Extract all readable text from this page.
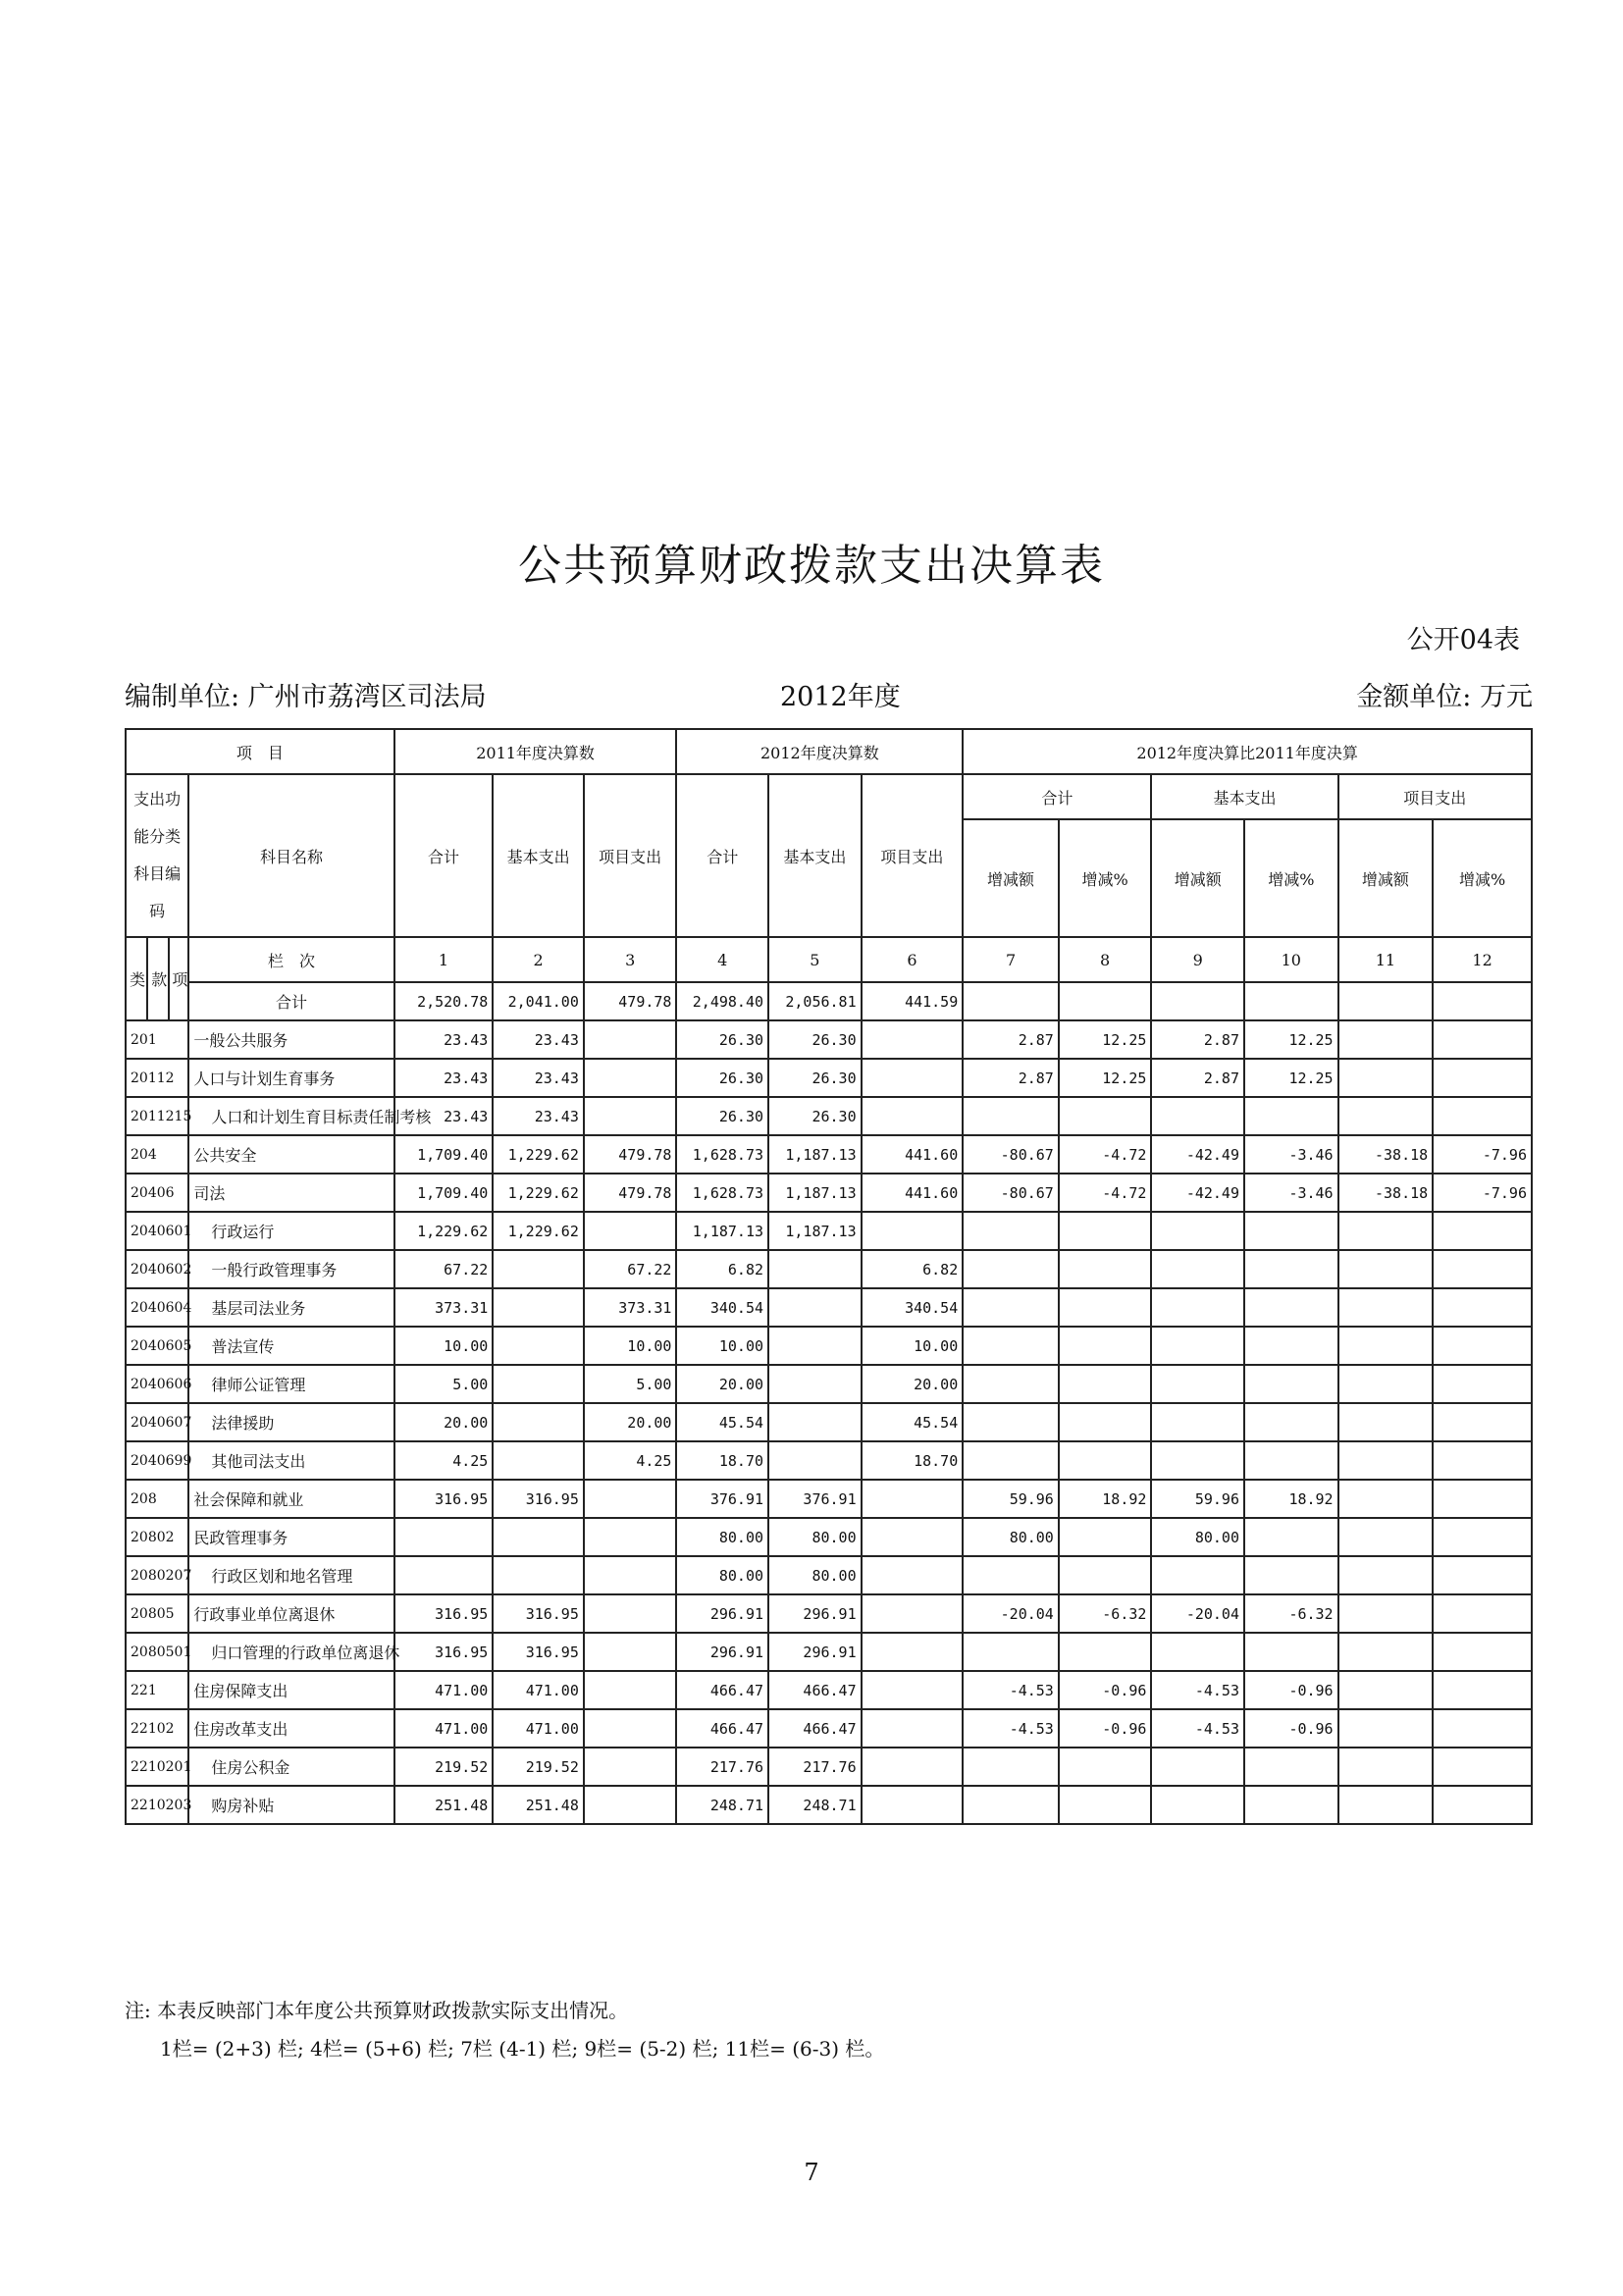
公共预算财政拨款支出决算表
公开04表
编制单位: 广州市荔湾区司法局	2012年度	金额单位: 万元
项　目				2011年度决算数			2012年度决算数			2012年度决算比2011年度决算					
支出功能分类科目编码			科目名称	合计	基本支出	项目支出	合计	基本支出	项目支出	合计		基本支出		项目支出	
										增减额	增减%	增减额	增减%	增减额	增减%
类	款	项	栏　次	1	2	3	4	5	6	7	8	9	10	11	12
			合计	2,520.78	2,041.00	479.78	2,498.40	2,056.81	441.59						
201			一般公共服务	23.43	23.43		26.30	26.30		2.87	12.25	2.87	12.25		
20112			人口与计划生育事务	23.43	23.43		26.30	26.30		2.87	12.25	2.87	12.25		
2011215			人口和计划生育目标责任制考核	23.43	23.43		26.30	26.30							
204			公共安全	1,709.40	1,229.62	479.78	1,628.73	1,187.13	441.60	-80.67	-4.72	-42.49	-3.46	-38.18	-7.96
20406			司法	1,709.40	1,229.62	479.78	1,628.73	1,187.13	441.60	-80.67	-4.72	-42.49	-3.46	-38.18	-7.96
2040601			行政运行	1,229.62	1,229.62		1,187.13	1,187.13							
2040602			一般行政管理事务	67.22		67.22	6.82		6.82						
2040604			基层司法业务	373.31		373.31	340.54		340.54						
2040605			普法宣传	10.00		10.00	10.00		10.00						
2040606			律师公证管理	5.00		5.00	20.00		20.00						
2040607			法律援助	20.00		20.00	45.54		45.54						
2040699			其他司法支出	4.25		4.25	18.70		18.70						
208			社会保障和就业	316.95	316.95		376.91	376.91		59.96	18.92	59.96	18.92		
20802			民政管理事务				80.00	80.00		80.00		80.00			
2080207			行政区划和地名管理				80.00	80.00							
20805			行政事业单位离退休	316.95	316.95		296.91	296.91		-20.04	-6.32	-20.04	-6.32		
2080501			归口管理的行政单位离退休	316.95	316.95		296.91	296.91							
221			住房保障支出	471.00	471.00		466.47	466.47		-4.53	-0.96	-4.53	-0.96		
22102			住房改革支出	471.00	471.00		466.47	466.47		-4.53	-0.96	-4.53	-0.96		
2210201			住房公积金	219.52	219.52		217.76	217.76							
2210203			购房补贴	251.48	251.48		248.71	248.71							
注: 本表反映部门本年度公共预算财政拨款实际支出情况。
1栏= (2+3) 栏; 4栏= (5+6) 栏; 7栏 (4-1) 栏; 9栏= (5-2) 栏; 11栏= (6-3) 栏。
7
